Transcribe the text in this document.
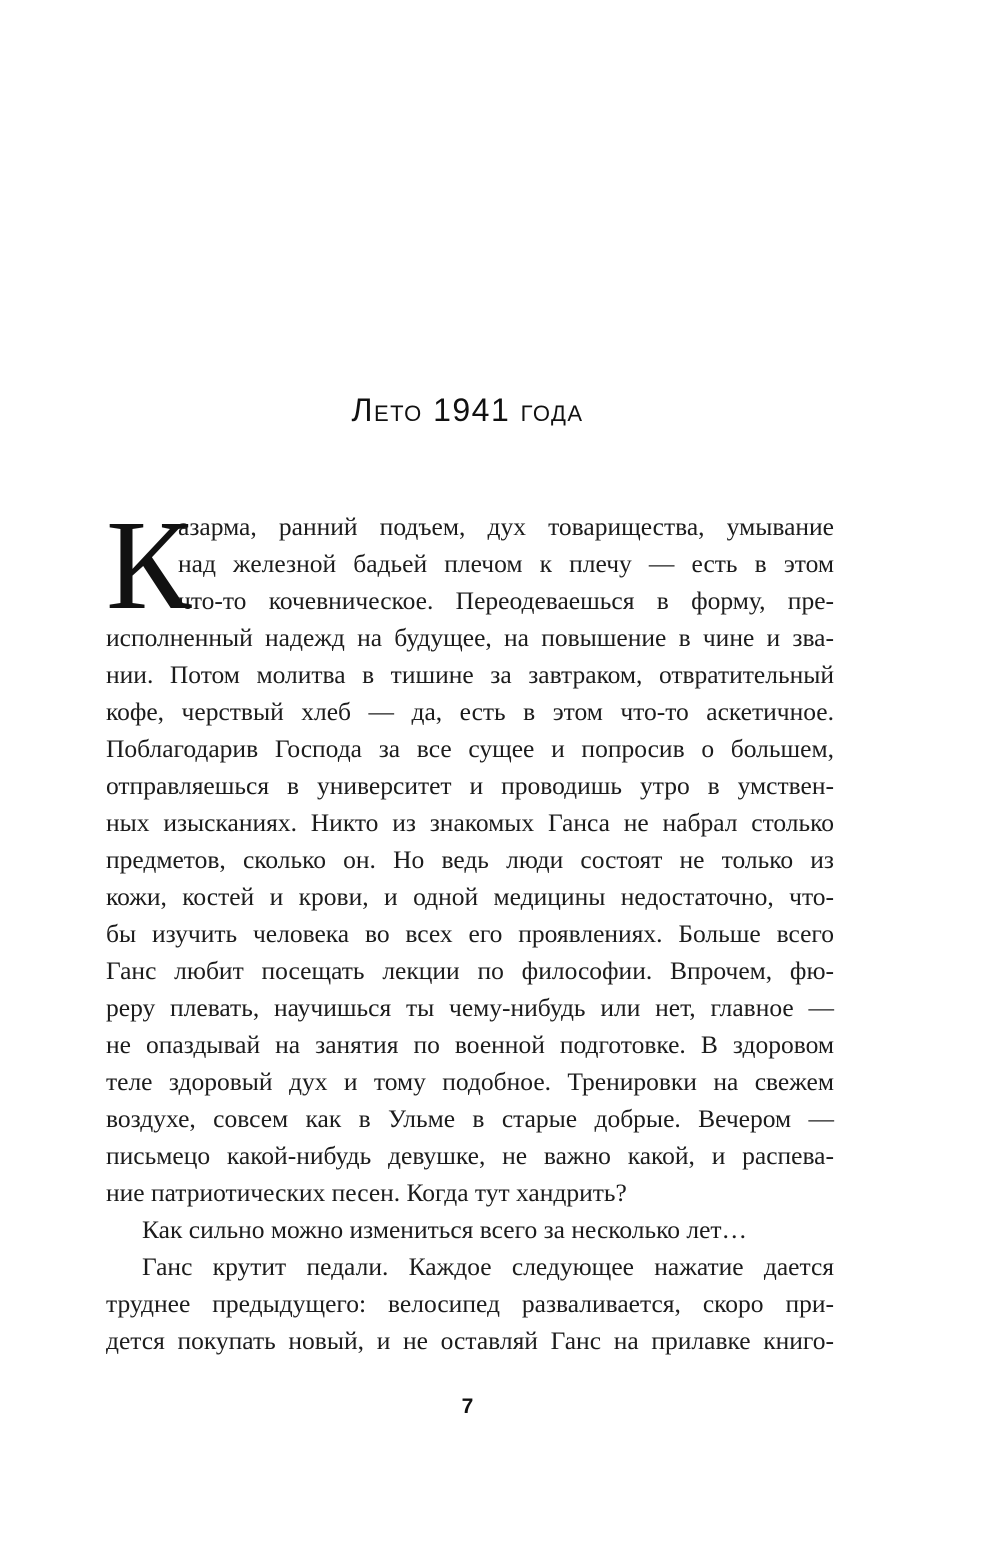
Лето 1941 года
К
азарма, ранний подъем, дух товарищества, умывание
над железной бадьей плечом к плечу — есть в этом
что-то кочевническое. Переодеваешься в форму, пре-
исполненный надежд на будущее, на повышение в чине и зва-
нии. Потом молитва в тишине за завтраком, отвратительный
кофе, черствый хлеб — да, есть в этом что-то аскетичное.
Поблагодарив Господа за все сущее и попросив о большем,
отправляешься в университет и проводишь утро в умствен-
ных изысканиях. Никто из знакомых Ганса не набрал столько
предметов, сколько он. Но ведь люди состоят не только из
кожи, костей и крови, и одной медицины недостаточно, что-
бы изучить человека во всех его проявлениях. Больше всего
Ганс любит посещать лекции по философии. Впрочем, фю-
реру плевать, научишься ты чему-нибудь или нет, главное —
не опаздывай на занятия по военной подготовке. В здоровом
теле здоровый дух и тому подобное. Тренировки на свежем
воздухе, совсем как в Ульме в старые добрые. Вечером —
письмецо какой-нибудь девушке, не важно какой, и распева-
ние патриотических песен. Когда тут хандрить?
Как сильно можно измениться всего за несколько лет…
Ганс крутит педали. Каждое следующее нажатие дается
труднее предыдущего: велосипед разваливается, скоро при-
дется покупать новый, и не оставляй Ганс на прилавке книго-
7
